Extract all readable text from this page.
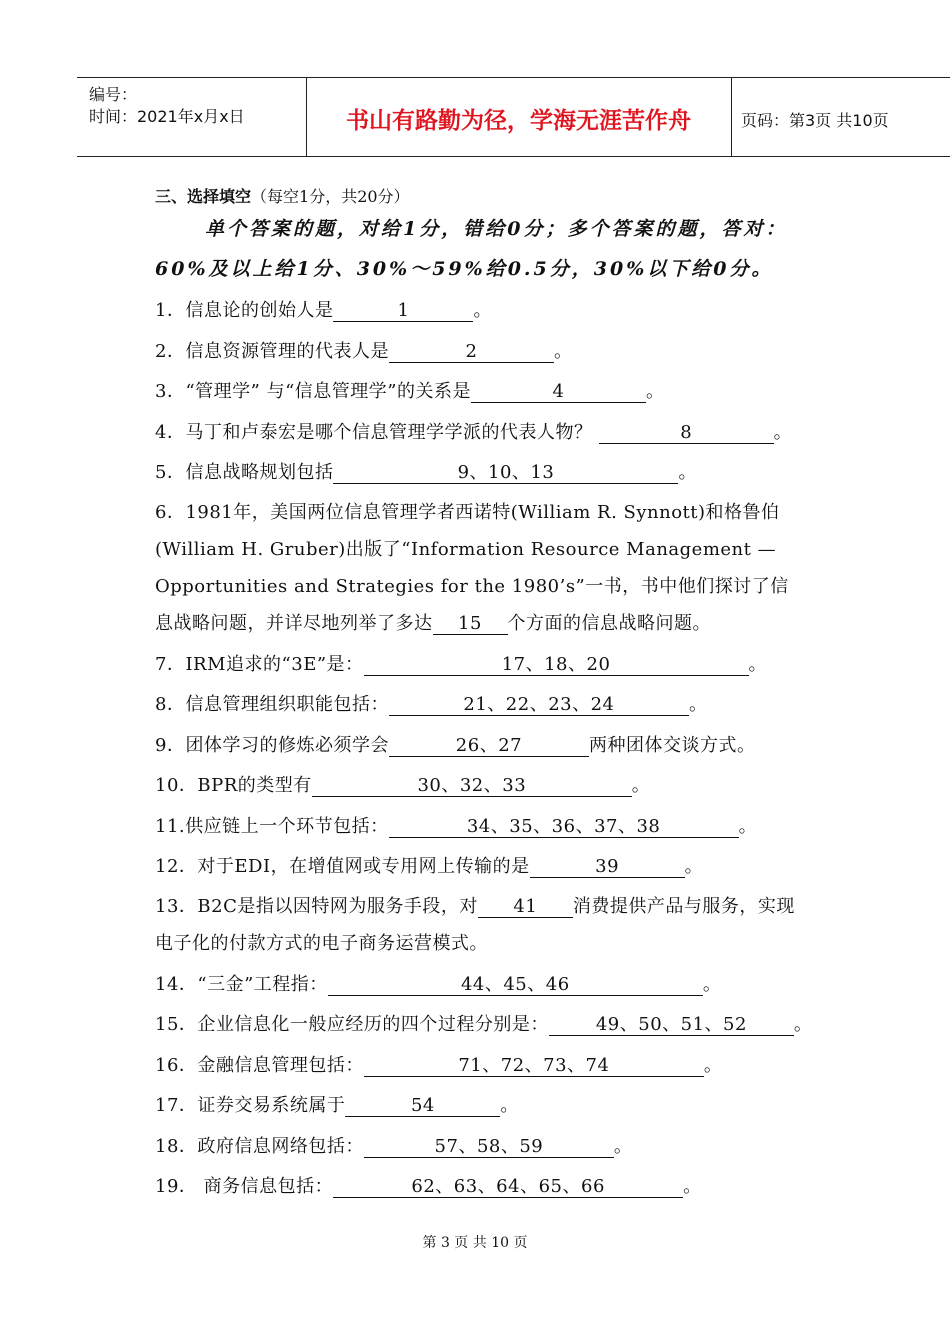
编号：
时间：2021年x月x日	书山有路勤为径，学海无涯苦作舟	页码：第3页 共10页
三、选择填空（每空1分，共20分）
单个答案的题，对给1分，错给0分；多个答案的题，答对：
60%及以上给1分、30%～59%给0.5分，30%以下给0分。
1．信息论的创始人是	1	。
2．信息资源管理的代表人是	2	。
3．“管理学” 与“信息管理学”的关系是	4	。
4．马丁和卢泰宏是哪个信息管理学学派的代表人物？	8	。
5．信息战略规划包括	9、10、13	。
6．1981年，美国两位信息管理学者西诺特(William R. Synnott)和格鲁伯
(William H. Gruber)出版了“Information Resource Management —
Opportunities and Strategies for the 1980’s”一书，书中他们探讨了信
息战略问题，并详尽地列举了多达 15 个方面的信息战略问题。
7．IRM追求的“3E”是：	17、18、20	。
8．信息管理组织职能包括：	21、22、23、24	。
9．团体学习的修炼必须学会	26、27	两种团体交谈方式。
10．BPR的类型有	30、32、33	。
11.供应链上一个环节包括：	34、35、36、37、38	。
12．对于EDI，在增值网或专用网上传输的是	39	。
13．B2C是指以因特网为服务手段，对 41 消费提供产品与服务，实现
电子化的付款方式的电子商务运营模式。
14．“三金”工程指：	44、45、46	。
15．企业信息化一般应经历的四个过程分别是：	49、50、51、52	。
16．金融信息管理包括：	71、72、73、74	。
17．证券交易系统属于	54	。
18．政府信息网络包括：	57、58、59	。
19． 商务信息包括：	62、63、64、65、66	。
第 3 页 共 10 页
